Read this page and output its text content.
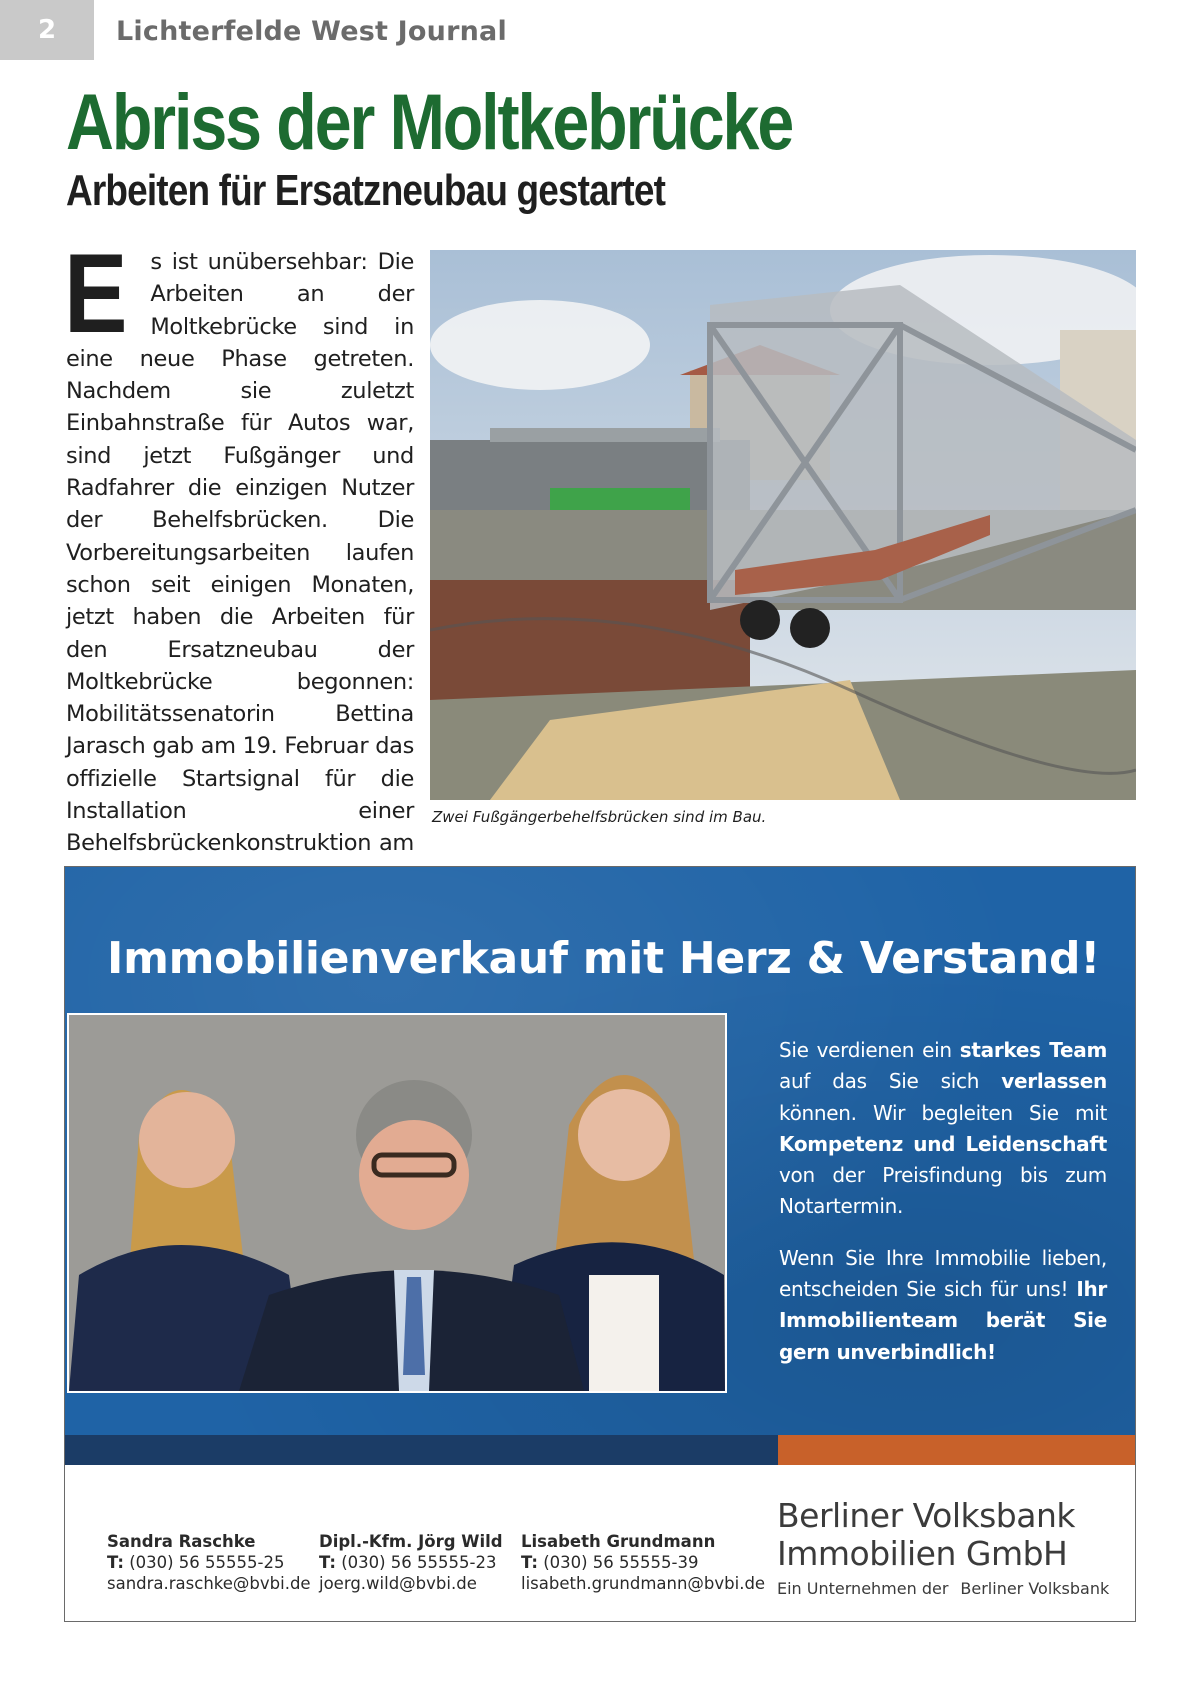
2	Lichterfelde West Journal
Abriss der Moltkebrücke
Arbeiten für Ersatzneubau gestartet

E s ist unübersehbar: Die Arbeiten an der Moltkebrücke sind in eine neue Phase getreten. Nachdem sie zuletzt Einbahnstraße für Autos war, sind jetzt Fußgänger und Radfahrer die einzigen Nutzer der Behelfsbrücken. Die Vorbereitungsarbeiten laufen schon seit einigen Monaten, jetzt haben die Arbeiten für den Ersatzneubau der Moltkebrücke begonnen: Mobilitätssenatorin Bettina Jarasch gab am 19. Februar das offizielle Startsignal für die Installation einer Behelfsbrückenkonstruktion am

Zwei Fußgängerbehelfsbrücken sind im Bau.
Immobilienverkauf mit Herz & Verstand!

Sie verdienen ein starkes Team auf das Sie sich verlassen können. Wir begleiten Sie mit Kompetenz und Leidenschaft von der Preisfindung bis zum Notartermin.

Wenn Sie Ihre Immobilie lieben, entscheiden Sie sich für uns! Ihr Immobilienteam berät Sie gern unverbindlich!

Sandra Raschke
T: (030) 56 55555-25
sandra.raschke@bvbi.de
Dipl.-Kfm. Jörg Wild
T: (030) 56 55555-23
joerg.wild@bvbi.de
Lisabeth Grundmann
T: (030) 56 55555-39
lisabeth.grundmann@bvbi.de
Berliner Volksbank
Immobilien GmbH
Ein Unternehmen der Berliner Volksbank
